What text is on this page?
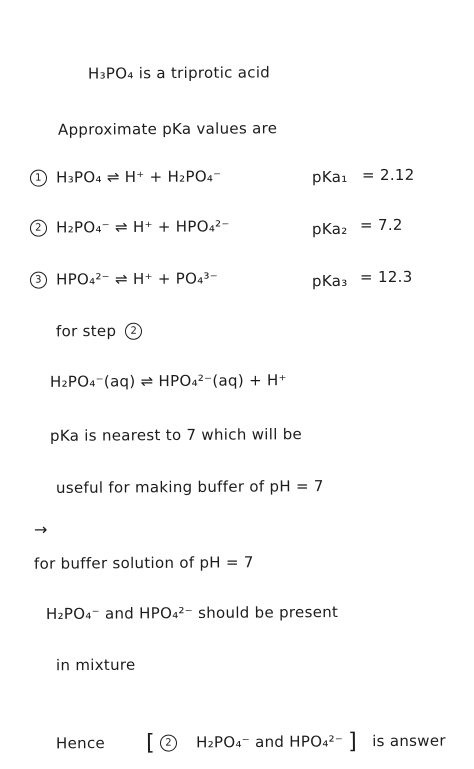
H₃PO₄ is a triprotic acid
Approximate pKa values are
1 H₃PO₄ ⇌ H⁺ + H₂PO₄⁻	pKa₁ = 2.12
2 H₂PO₄⁻ ⇌ H⁺ + HPO₄²⁻	pKa₂ = 7.2
3 HPO₄²⁻ ⇌ H⁺ + PO₄³⁻	pKa₃ = 12.3
for step 2
H₂PO₄⁻(aq) ⇌ HPO₄²⁻(aq) + H⁺
pKa is nearest to 7 which will be
useful for making buffer of pH = 7
→
for buffer solution of pH = 7
H₂PO₄⁻ and HPO₄²⁻ should be present
in mixture
Hence [ 2 H₂PO₄⁻ and HPO₄²⁻ ] is answer
